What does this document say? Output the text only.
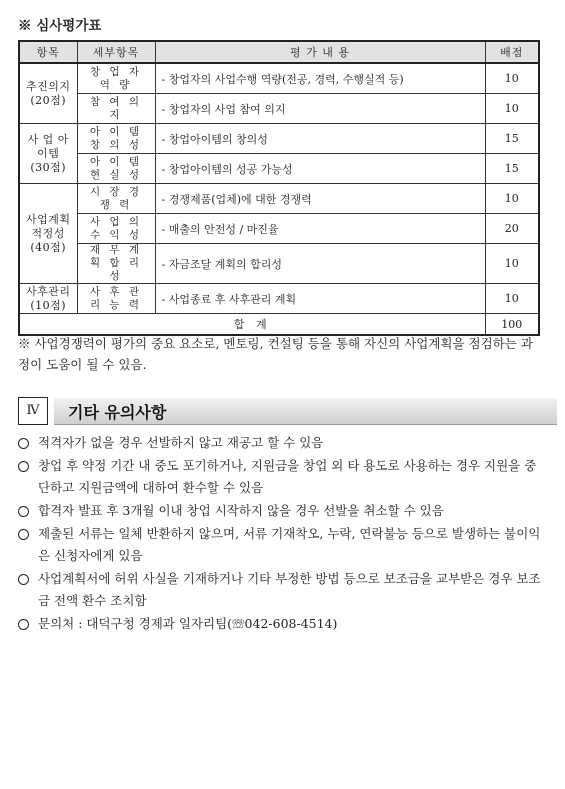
※ 심사평가표
항목	세부항목	평 가 내 용	배점
추진의지 (20점)	창 업 자 역 량	- 창업자의 사업수행 역량(전공, 경력, 수행실적 등)	10
	참 여 의 지	- 창업자의 사업 참여 의지	10
사 업 아이템 (30점)	아 이 템 창 의 성	- 창업아이템의 창의성	15
	아 이 템 현 실 성	- 창업아이템의 성공 가능성	15
사업계획 적정성 (40점)	시 장 경 쟁 력	- 경쟁제품(업체)에 대한 경쟁력	10
	사 업 의 수 익 성	- 매출의 안전성 / 마진율	20
	재 무 계 획 합 리 성	- 자금조달 계획의 합리성	10
사후관리 (10점)	사 후 관 리 능 력	- 사업종료 후 사후관리 계획	10
합 계			100
※ 사업경쟁력이 평가의 중요 요소로, 멘토링, 컨설팅 등을 통해 자신의 사업계획을 점검하는 과정이 도움이 될 수 있음.
Ⅳ	기타 유의사항
적격자가 없을 경우 선발하지 않고 재공고 할 수 있음
창업 후 약정 기간 내 중도 포기하거나, 지원금을 창업 외 타 용도로 사용하는 경우 지원을 중단하고 지원금액에 대하여 환수할 수 있음
합격자 발표 후 3개월 이내 창업 시작하지 않을 경우 선발을 취소할 수 있음
제출된 서류는 일체 반환하지 않으며, 서류 기재착오, 누락, 연락불능 등으로 발생하는 불이익은 신청자에게 있음
사업계획서에 허위 사실을 기재하거나 기타 부정한 방법 등으로 보조금을 교부받은 경우 보조금 전액 환수 조치함
문의처 : 대덕구청 경제과 일자리팀(☏042-608-4514)
